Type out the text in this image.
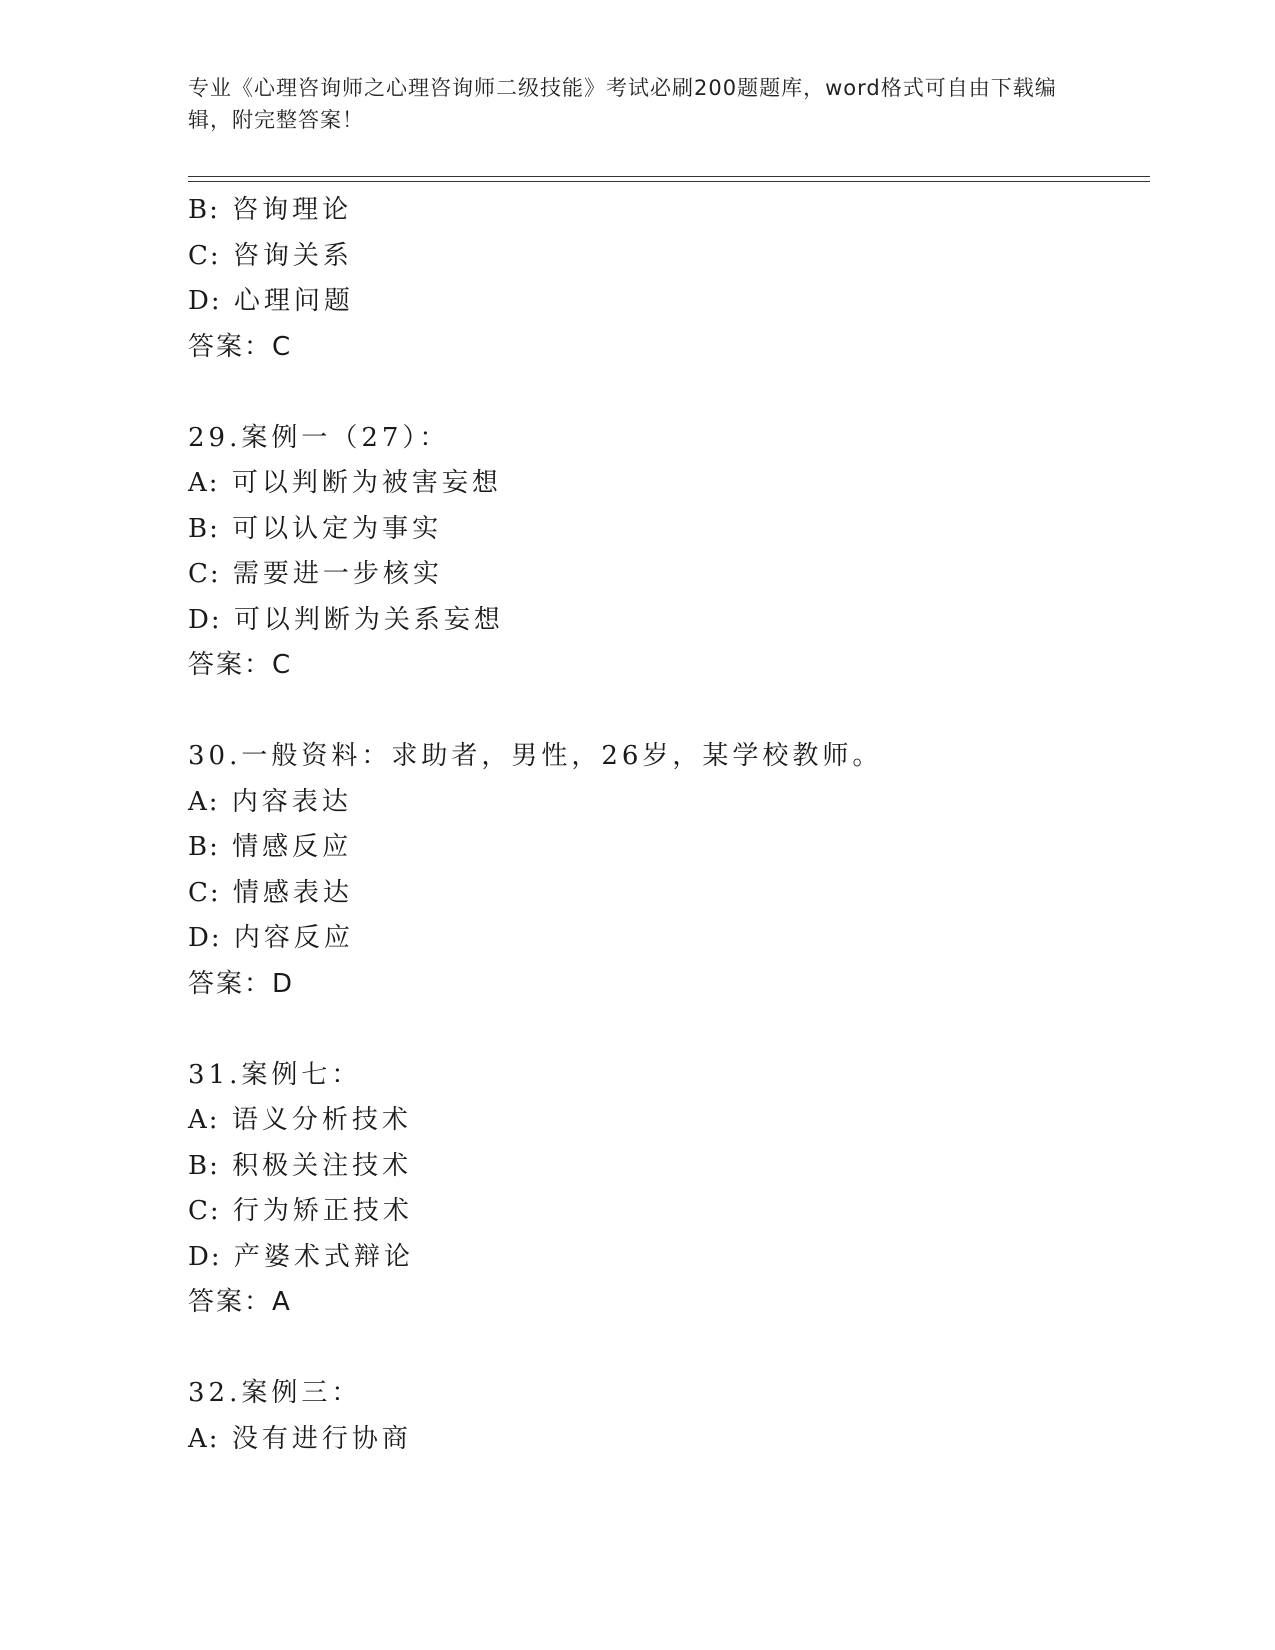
专业《心理咨询师之心理咨询师二级技能》考试必刷200题题库，word格式可自由下载编辑，附完整答案！
B: 咨询理论
C: 咨询关系
D: 心理问题
答案：C
29.案例一（27）：
A: 可以判断为被害妄想
B: 可以认定为事实
C: 需要进一步核实
D: 可以判断为关系妄想
答案：C
30.一般资料：求助者，男性，26岁，某学校教师。
A: 内容表达
B: 情感反应
C: 情感表达
D: 内容反应
答案：D
31.案例七：
A: 语义分析技术
B: 积极关注技术
C: 行为矫正技术
D: 产婆术式辩论
答案：A
32.案例三：
A: 没有进行协商
